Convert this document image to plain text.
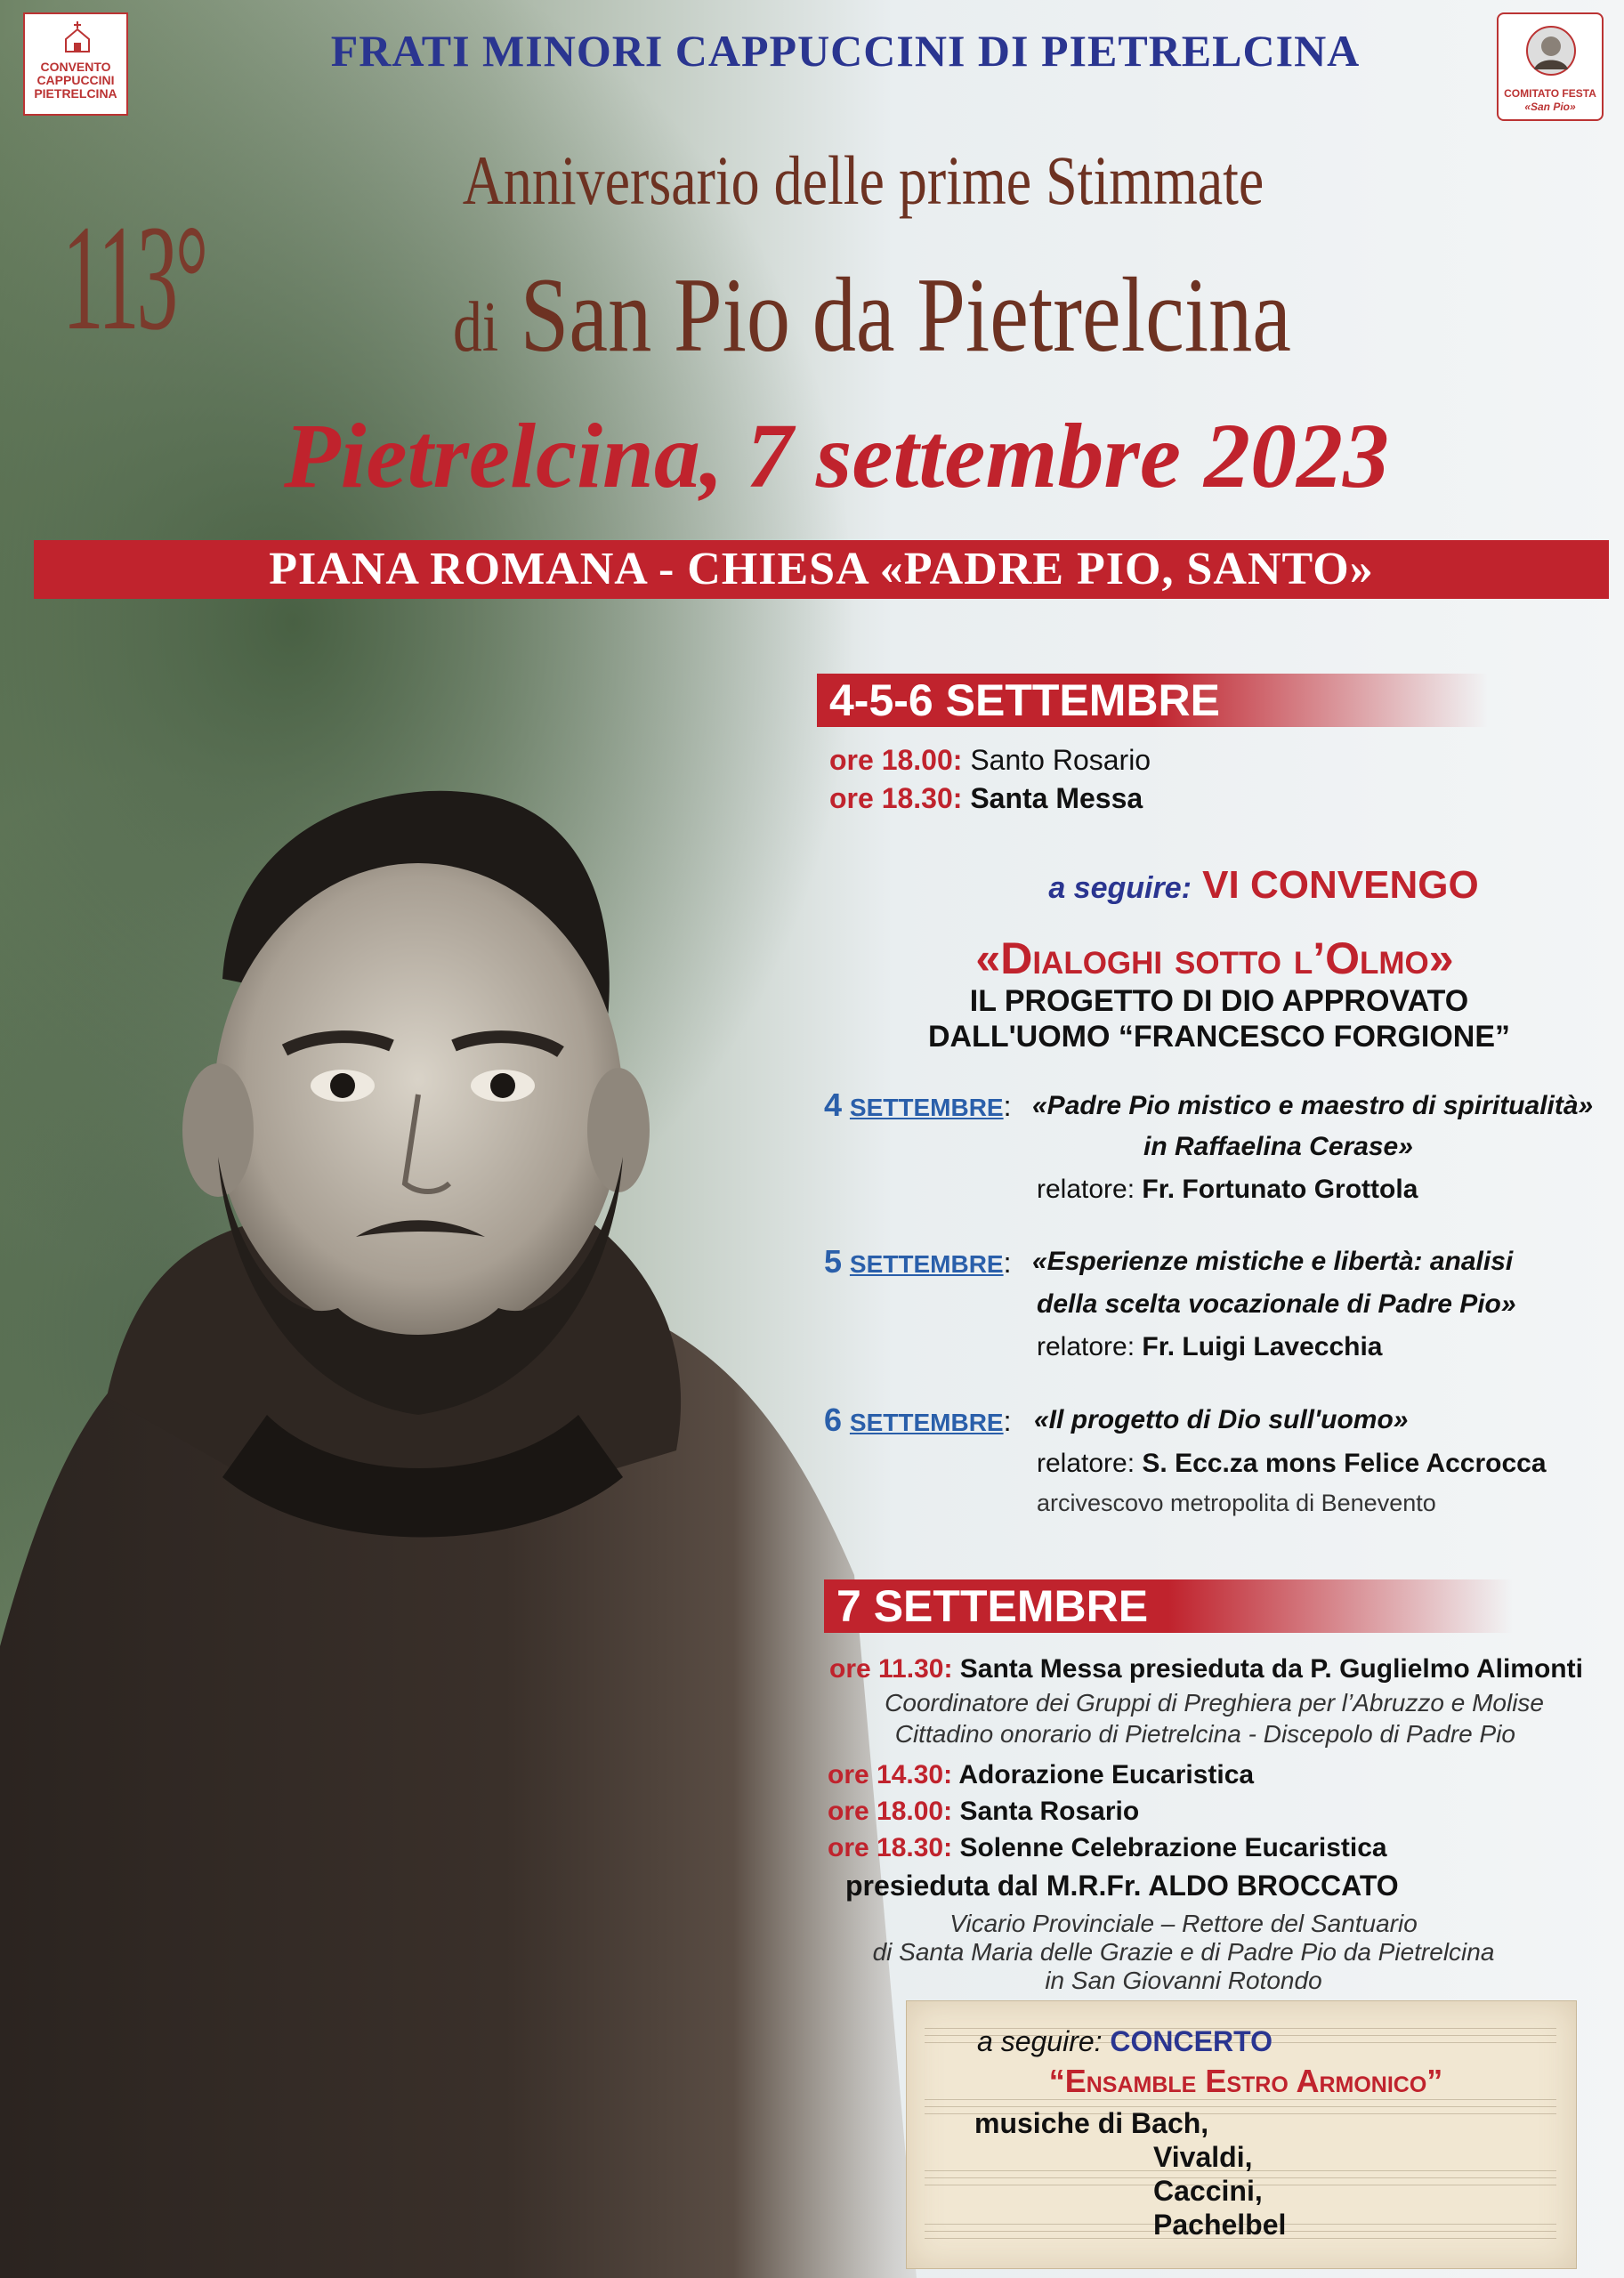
CONVENTO
CAPPUCCINI
PIETRELCINA
FRATI MINORI CAPPUCCINI DI PIETRELCINA
COMITATO FESTA
«San Pio»
113°
Anniversario delle prime Stimmate
di San Pio da Pietrelcina
Pietrelcina, 7 settembre 2023
PIANA ROMANA - CHIESA «PADRE PIO, SANTO»
4-5-6 SETTEMBRE
ore 18.00: Santo Rosario
ore 18.30: Santa Messa
a seguire: VI CONVENGO
«Dialoghi sotto l’Olmo»
IL PROGETTO DI DIO APPROVATO
DALL'UOMO “FRANCESCO FORGIONE”
4 SETTEMBRE: «Padre Pio mistico e maestro di spiritualità»
in Raffaelina Cerase»
relatore: Fr. Fortunato Grottola
5 SETTEMBRE: «Esperienze mistiche e libertà: analisi
della scelta vocazionale di Padre Pio»
relatore: Fr. Luigi Lavecchia
6 SETTEMBRE: «Il progetto di Dio sull'uomo»
relatore: S. Ecc.za mons Felice Accrocca
arcivescovo metropolita di Benevento
7 SETTEMBRE
ore 11.30: Santa Messa presieduta da P. Guglielmo Alimonti
Coordinatore dei Gruppi di Preghiera per l’Abruzzo e Molise
Cittadino onorario di Pietrelcina - Discepolo di Padre Pio
ore 14.30: Adorazione Eucaristica
ore 18.00: Santa Rosario
ore 18.30: Solenne Celebrazione Eucaristica
presieduta dal M.R.Fr. ALDO BROCCATO
Vicario Provinciale – Rettore del Santuario
di Santa Maria delle Grazie e di Padre Pio da Pietrelcina
in San Giovanni Rotondo
a seguire: CONCERTO
“Ensamble Estro Armonico”
musiche di Bach,
Vivaldi,
Caccini,
Pachelbel
